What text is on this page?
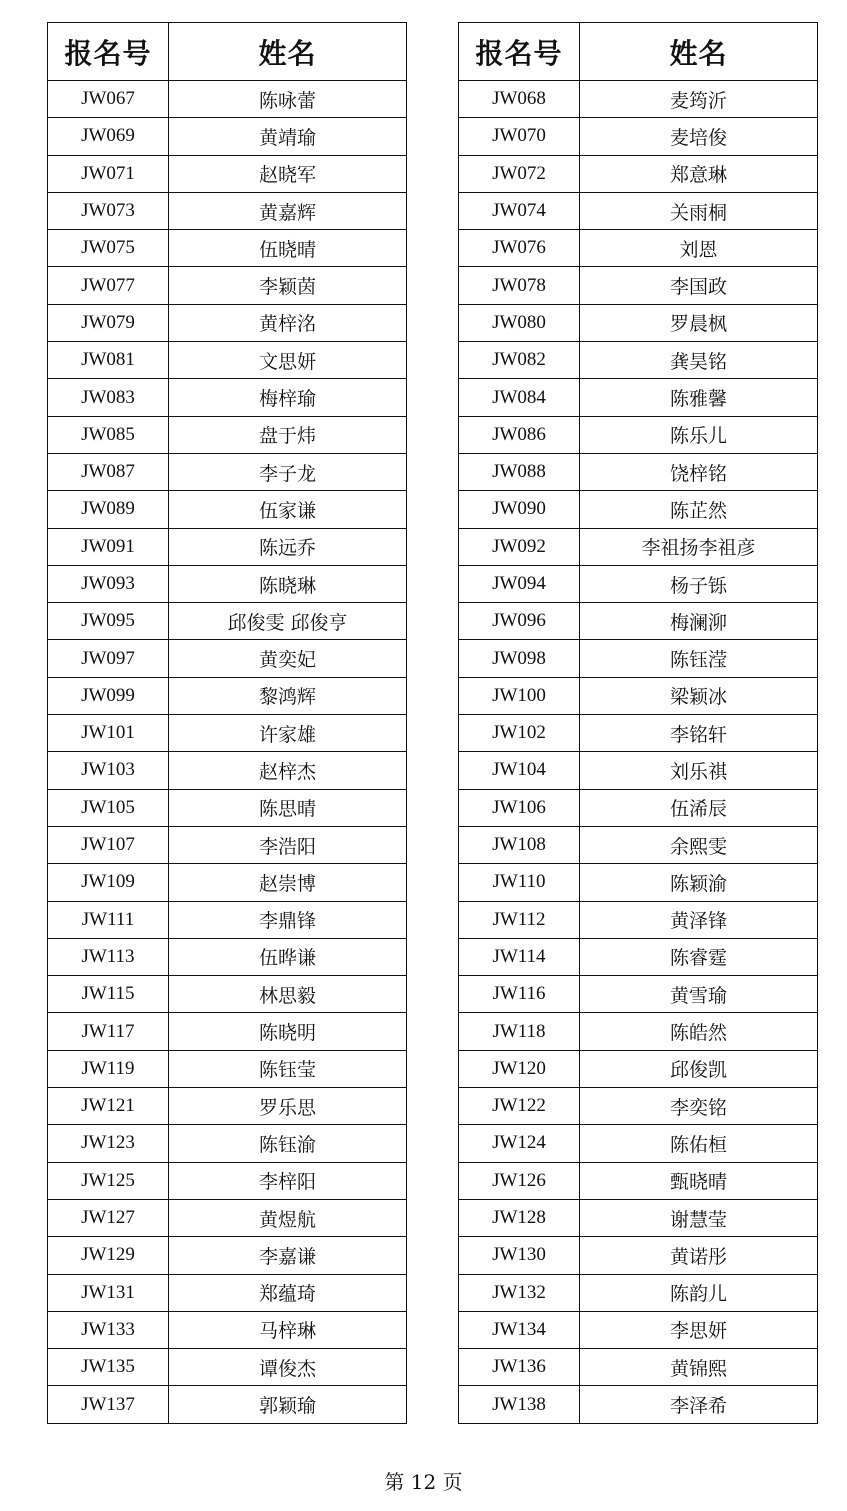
报名号	姓名
JW067	陈咏蕾
JW069	黄靖瑜
JW071	赵晓军
JW073	黄嘉辉
JW075	伍晓晴
JW077	李颖茵
JW079	黄梓洺
JW081	文思妍
JW083	梅梓瑜
JW085	盘于炜
JW087	李子龙
JW089	伍家谦
JW091	陈远乔
JW093	陈晓琳
JW095	邱俊雯 邱俊亨
JW097	黄奕妃
JW099	黎鸿辉
JW101	许家雄
JW103	赵梓杰
JW105	陈思晴
JW107	李浩阳
JW109	赵崇博
JW111	李鼎锋
JW113	伍晔谦
JW115	林思毅
JW117	陈晓明
JW119	陈钰莹
JW121	罗乐思
JW123	陈钰渝
JW125	李梓阳
JW127	黄煜航
JW129	李嘉谦
JW131	郑蕴琦
JW133	马梓琳
JW135	谭俊杰
JW137	郭颖瑜
报名号	姓名
JW068	麦筠沂
JW070	麦培俊
JW072	郑意琳
JW074	关雨桐
JW076	刘恩
JW078	李国政
JW080	罗晨枫
JW082	龚昊铭
JW084	陈雅馨
JW086	陈乐儿
JW088	饶梓铭
JW090	陈芷然
JW092	李祖扬李祖彦
JW094	杨子铄
JW096	梅澜泖
JW098	陈钰滢
JW100	梁颖冰
JW102	李铭轩
JW104	刘乐祺
JW106	伍浠辰
JW108	余熙雯
JW110	陈颖渝
JW112	黄泽锋
JW114	陈睿霆
JW116	黄雪瑜
JW118	陈皓然
JW120	邱俊凯
JW122	李奕铭
JW124	陈佑桓
JW126	甄晓晴
JW128	谢慧莹
JW130	黄诺彤
JW132	陈韵儿
JW134	李思妍
JW136	黄锦熙
JW138	李泽希
第 12 页
